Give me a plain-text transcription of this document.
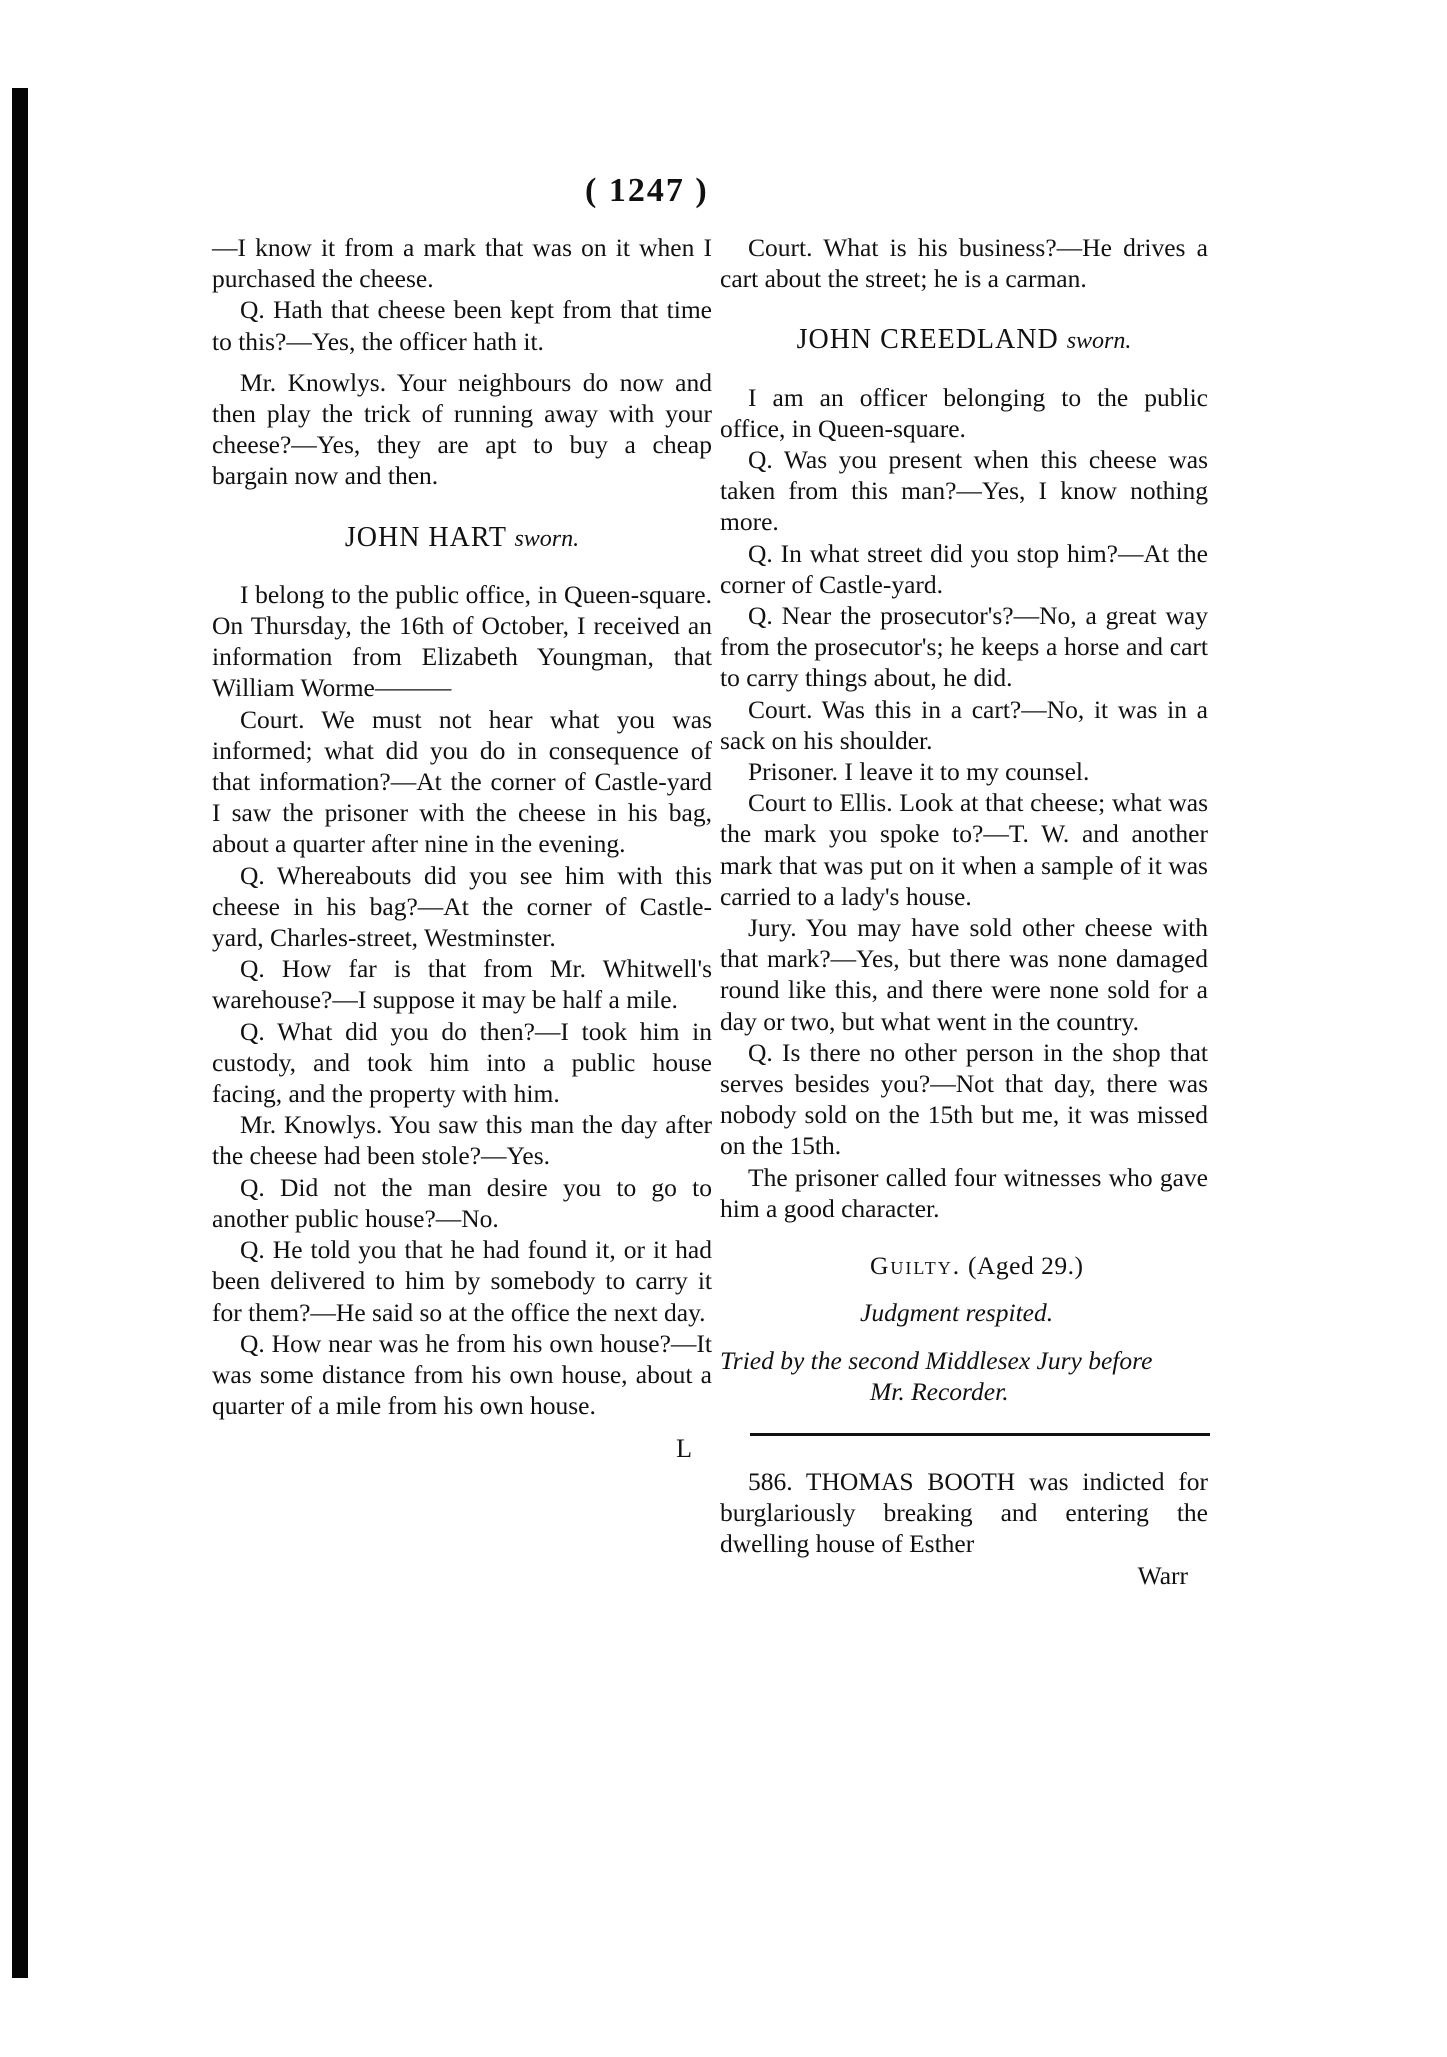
( 1247 )

—I know it from a mark that was on it when I purchased the cheese.

Q. Hath that cheese been kept from that time to this?—Yes, the officer hath it.

Mr. Knowlys. Your neighbours do now and then play the trick of running away with your cheese?—Yes, they are apt to buy a cheap bargain now and then.

JOHN HART sworn.

I belong to the public office, in Queen-square. On Thursday, the 16th of October, I received an information from Elizabeth Youngman, that William Worme———

Court. We must not hear what you was informed; what did you do in consequence of that information?—At the corner of Castle-yard I saw the prisoner with the cheese in his bag, about a quarter after nine in the evening.

Q. Whereabouts did you see him with this cheese in his bag?—At the corner of Castle-yard, Charles-street, Westminster.

Q. How far is that from Mr. Whitwell's warehouse?—I suppose it may be half a mile.

Q. What did you do then?—I took him in custody, and took him into a public house facing, and the property with him.

Mr. Knowlys. You saw this man the day after the cheese had been stole?—Yes.

Q. Did not the man desire you to go to another public house?—No.

Q. He told you that he had found it, or it had been delivered to him by somebody to carry it for them?—He said so at the office the next day.

Q. How near was he from his own house?—It was some distance from his own house, about a quarter of a mile from his own house.

L

Court. What is his business?—He drives a cart about the street; he is a carman.

JOHN CREEDLAND sworn.

I am an officer belonging to the public office, in Queen-square.

Q. Was you present when this cheese was taken from this man?—Yes, I know nothing more.

Q. In what street did you stop him?—At the corner of Castle-yard.

Q. Near the prosecutor's?—No, a great way from the prosecutor's; he keeps a horse and cart to carry things about, he did.

Court. Was this in a cart?—No, it was in a sack on his shoulder.

Prisoner. I leave it to my counsel.

Court to Ellis. Look at that cheese; what was the mark you spoke to?—T. W. and another mark that was put on it when a sample of it was carried to a lady's house.

Jury. You may have sold other cheese with that mark?—Yes, but there was none damaged round like this, and there were none sold for a day or two, but what went in the country.

Q. Is there no other person in the shop that serves besides you?—Not that day, there was nobody sold on the 15th but me, it was missed on the 15th.

The prisoner called four witnesses who gave him a good character.

Guilty. (Aged 29.)

Judgment respited.

Tried by the second Middlesex Jury before

Mr. Recorder.

586. THOMAS BOOTH was indicted for burglariously breaking and entering the dwelling house of Esther

Warr
